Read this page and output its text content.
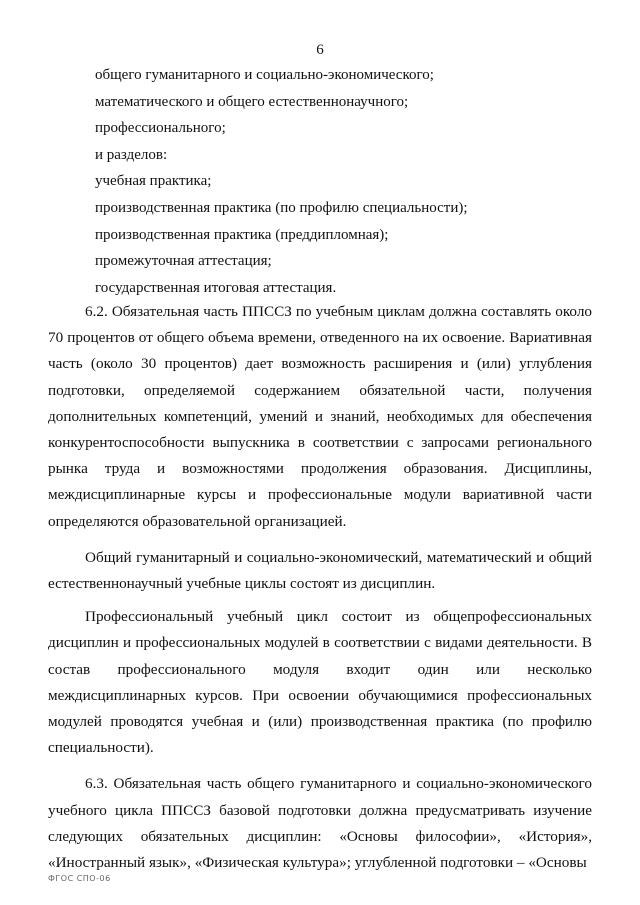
6
общего гуманитарного и социально-экономического;
математического и общего естественнонаучного;
профессионального;
и разделов:
учебная практика;
производственная практика (по профилю специальности);
производственная практика (преддипломная);
промежуточная аттестация;
государственная итоговая аттестация.

6.2. Обязательная часть ППССЗ по учебным циклам должна составлять около 70 процентов от общего объема времени, отведенного на их освоение. Вариативная часть (около 30 процентов) дает возможность расширения и (или) углубления подготовки, определяемой содержанием обязательной части, получения дополнительных компетенций, умений и знаний, необходимых для обеспечения конкурентоспособности выпускника в соответствии с запросами регионального рынка труда и возможностями продолжения образования. Дисциплины, междисциплинарные курсы и профессиональные модули вариативной части определяются образовательной организацией.

Общий гуманитарный и социально-экономический, математический и общий естественнонаучный учебные циклы состоят из дисциплин.

Профессиональный учебный цикл состоит из общепрофессиональных дисциплин и профессиональных модулей в соответствии с видами деятельности. В состав профессионального модуля входит один или несколько междисциплинарных курсов. При освоении обучающимися профессиональных модулей проводятся учебная и (или) производственная практика (по профилю специальности).

6.3. Обязательная часть общего гуманитарного и социально-экономического учебного цикла ППССЗ базовой подготовки должна предусматривать изучение следующих обязательных дисциплин: «Основы философии», «История», «Иностранный язык», «Физическая культура»; углубленной подготовки – «Основы

ФГОС СПО-06
